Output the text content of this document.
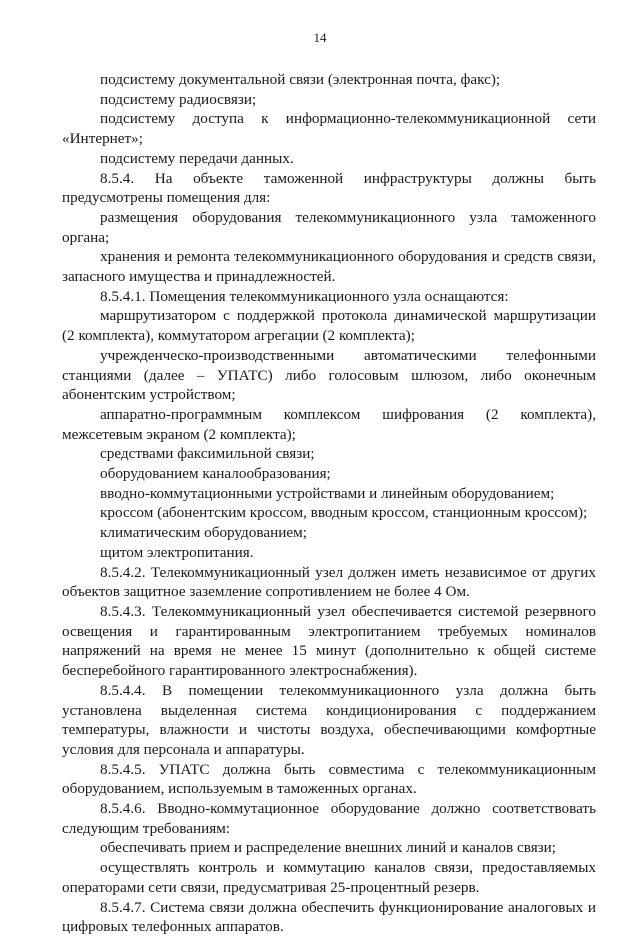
14

подсистему документальной связи (электронная почта, факс);

подсистему радиосвязи;

подсистему доступа к информационно-телекоммуникационной сети «Интернет»;

подсистему передачи данных.

8.5.4. На объекте таможенной инфраструктуры должны быть предусмотрены помещения для:

размещения оборудования телекоммуникационного узла таможенного органа;

хранения и ремонта телекоммуникационного оборудования и средств связи, запасного имущества и принадлежностей.

8.5.4.1. Помещения телекоммуникационного узла оснащаются:

маршрутизатором с поддержкой протокола динамической маршрутизации (2 комплекта), коммутатором агрегации (2 комплекта);

учрежденческо-производственными автоматическими телефонными станциями (далее – УПАТС) либо голосовым шлюзом, либо оконечным абонентским устройством;

аппаратно-программным комплексом шифрования (2 комплекта), межсетевым экраном (2 комплекта);

средствами факсимильной связи;

оборудованием каналообразования;

вводно-коммутационными устройствами и линейным оборудованием;

кроссом (абонентским кроссом, вводным кроссом, станционным кроссом);

климатическим оборудованием;

щитом электропитания.

8.5.4.2. Телекоммуникационный узел должен иметь независимое от других объектов защитное заземление сопротивлением не более 4 Ом.

8.5.4.3. Телекоммуникационный узел обеспечивается системой резервного освещения и гарантированным электропитанием требуемых номиналов напряжений на время не менее 15 минут (дополнительно к общей системе бесперебойного гарантированного электроснабжения).

8.5.4.4. В помещении телекоммуникационного узла должна быть установлена выделенная система кондиционирования с поддержанием температуры, влажности и чистоты воздуха, обеспечивающими комфортные условия для персонала и аппаратуры.

8.5.4.5. УПАТС должна быть совместима с телекоммуникационным оборудованием, используемым в таможенных органах.

8.5.4.6. Вводно-коммутационное оборудование должно соответствовать следующим требованиям:

обеспечивать прием и распределение внешних линий и каналов связи;

осуществлять контроль и коммутацию каналов связи, предоставляемых операторами сети связи, предусматривая 25-процентный резерв.

8.5.4.7. Система связи должна обеспечить функционирование аналоговых и цифровых телефонных аппаратов.
